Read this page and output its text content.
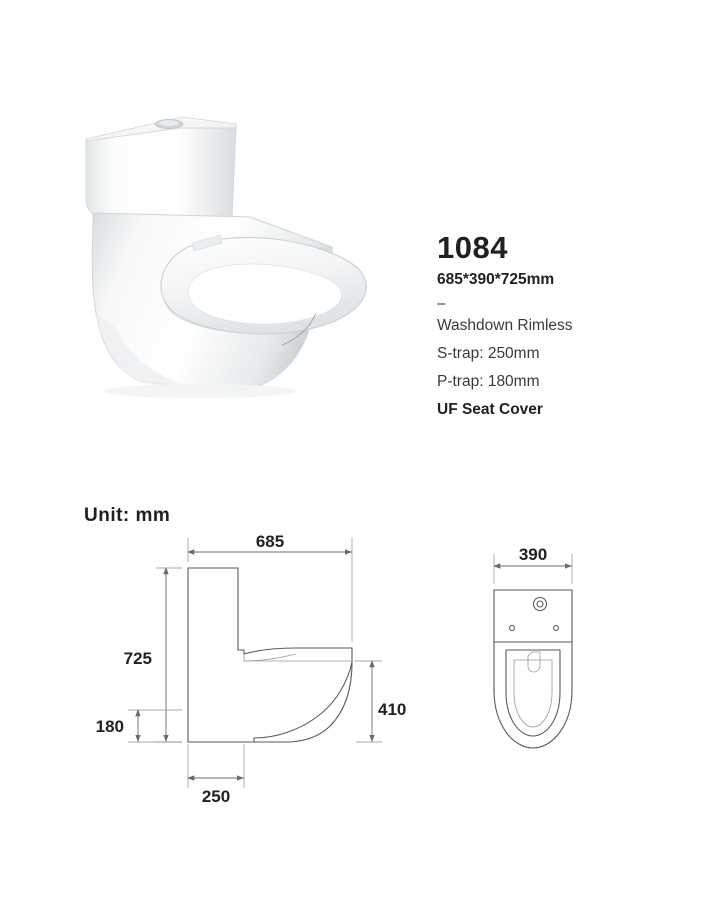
1084
685*390*725mm
–
Washdown Rimless
S-trap: 250mm
P-trap: 180mm
UF Seat Cover
Unit: mm
685
725
180
250
410
390
